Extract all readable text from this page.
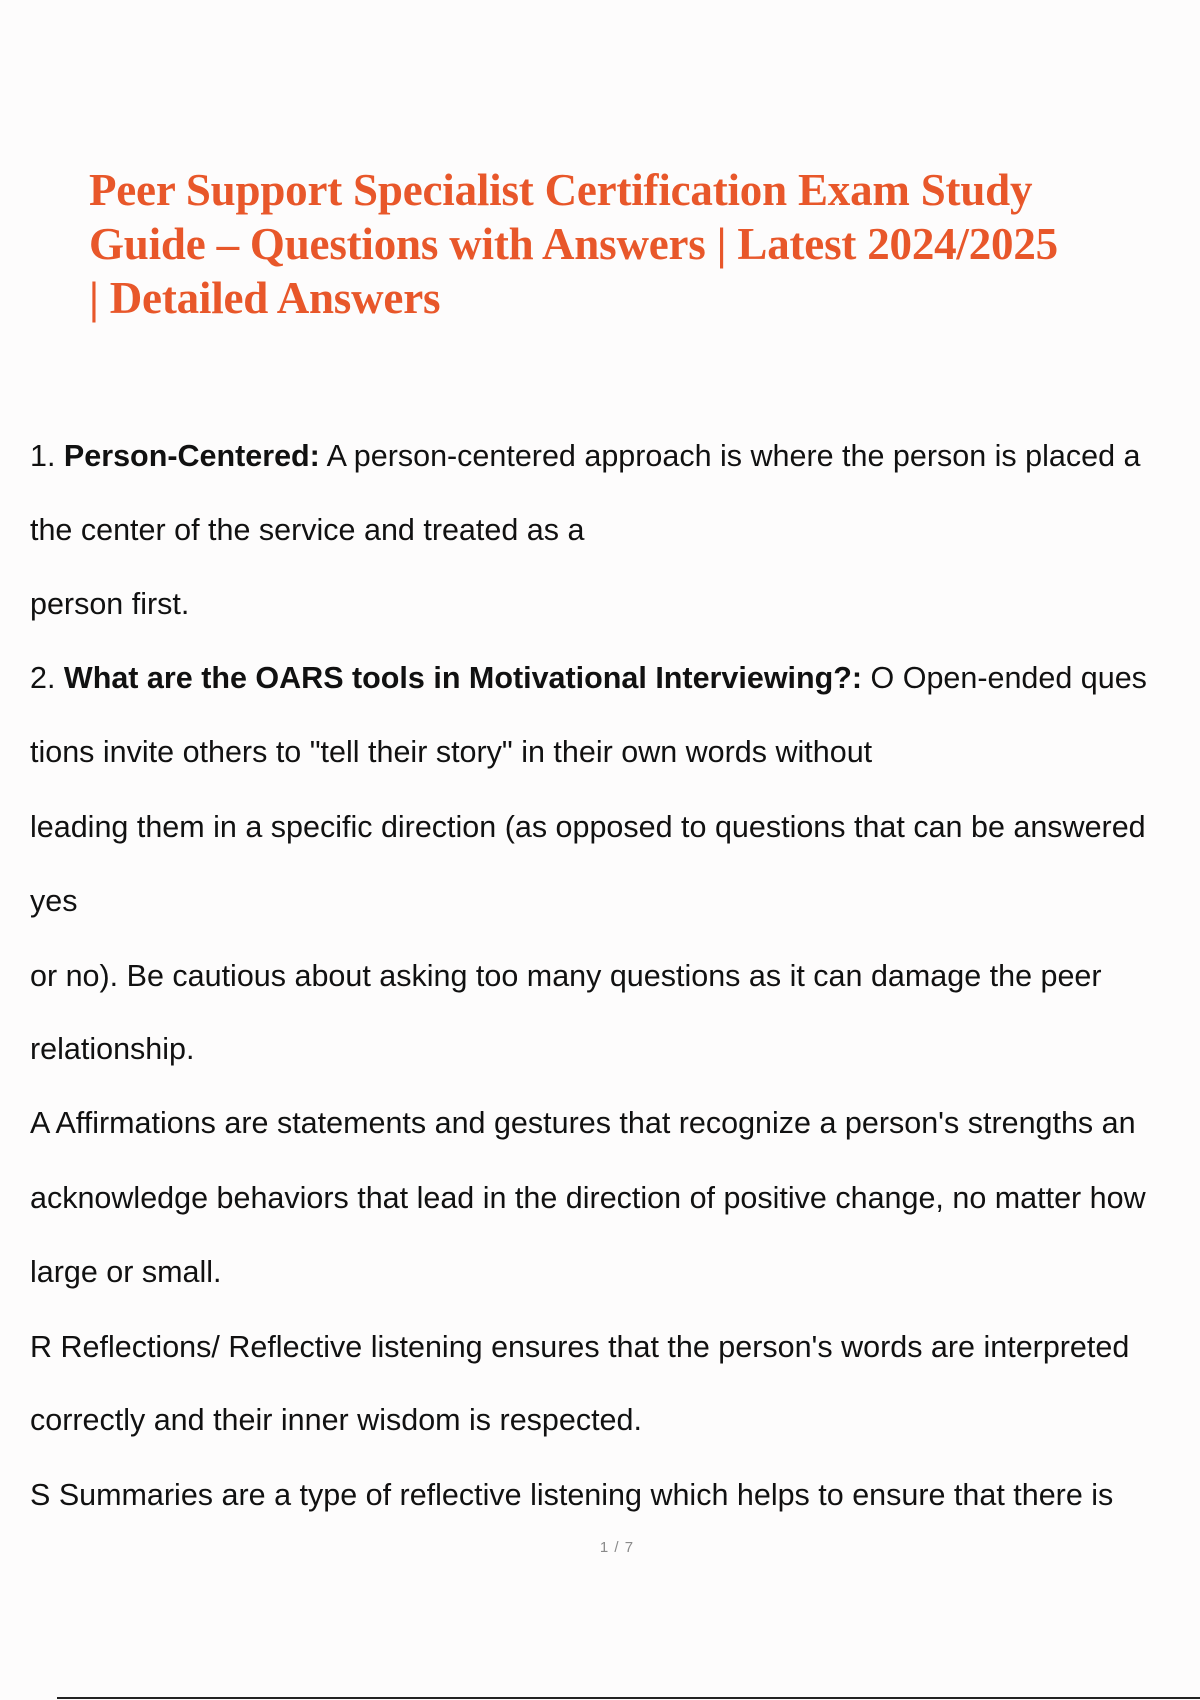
Peer Support Specialist Certification Exam Study
Guide – Questions with Answers | Latest 2024/2025
| Detailed Answers
1. Person-Centered: A person-centered approach is where the person is placed a
the center of the service and treated as a
person first.
2. What are the OARS tools in Motivational Interviewing?: O Open-ended ques
tions invite others to "tell their story" in their own words without
leading them in a specific direction (as opposed to questions that can be answered
yes
or no). Be cautious about asking too many questions as it can damage the peer
relationship.
A Affirmations are statements and gestures that recognize a person's strengths an
acknowledge behaviors that lead in the direction of positive change, no matter how
large or small.
R Reflections/ Reflective listening ensures that the person's words are interpreted
correctly and their inner wisdom is respected.
S Summaries are a type of reflective listening which helps to ensure that there is
1 / 7
